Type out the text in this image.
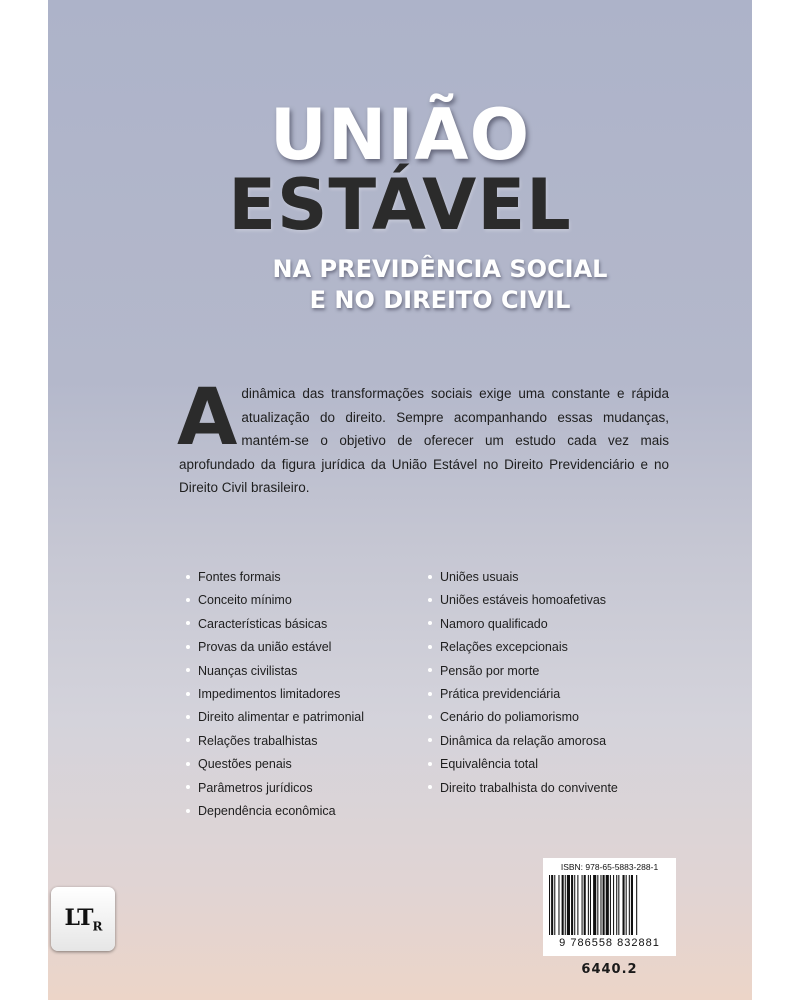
UNIÃO
ESTÁVEL
NA PREVIDÊNCIA SOCIAL
E NO DIREITO CIVIL

A dinâmica das transformações sociais exige uma constante e rápida atualização do direito. Sempre acompanhando essas mudanças, mantém-se o objetivo de oferecer um estudo cada vez mais aprofundado da figura jurídica da União Estável no Direito Previdenciário e no Direito Civil brasileiro.

Fontes formais
Conceito mínimo
Características básicas
Provas da união estável
Nuanças civilistas
Impedimentos limitadores
Direito alimentar e patrimonial
Relações trabalhistas
Questões penais
Parâmetros jurídicos
Dependência econômica
Uniões usuais
Uniões estáveis homoafetivas
Namoro qualificado
Relações excepcionais
Pensão por morte
Prática previdenciária
Cenário do poliamorismo
Dinâmica da relação amorosa
Equivalência total
Direito trabalhista do convivente
$LT_R$
ISBN: 978-65-5883-288-1
9 786558 832881
6440.2
